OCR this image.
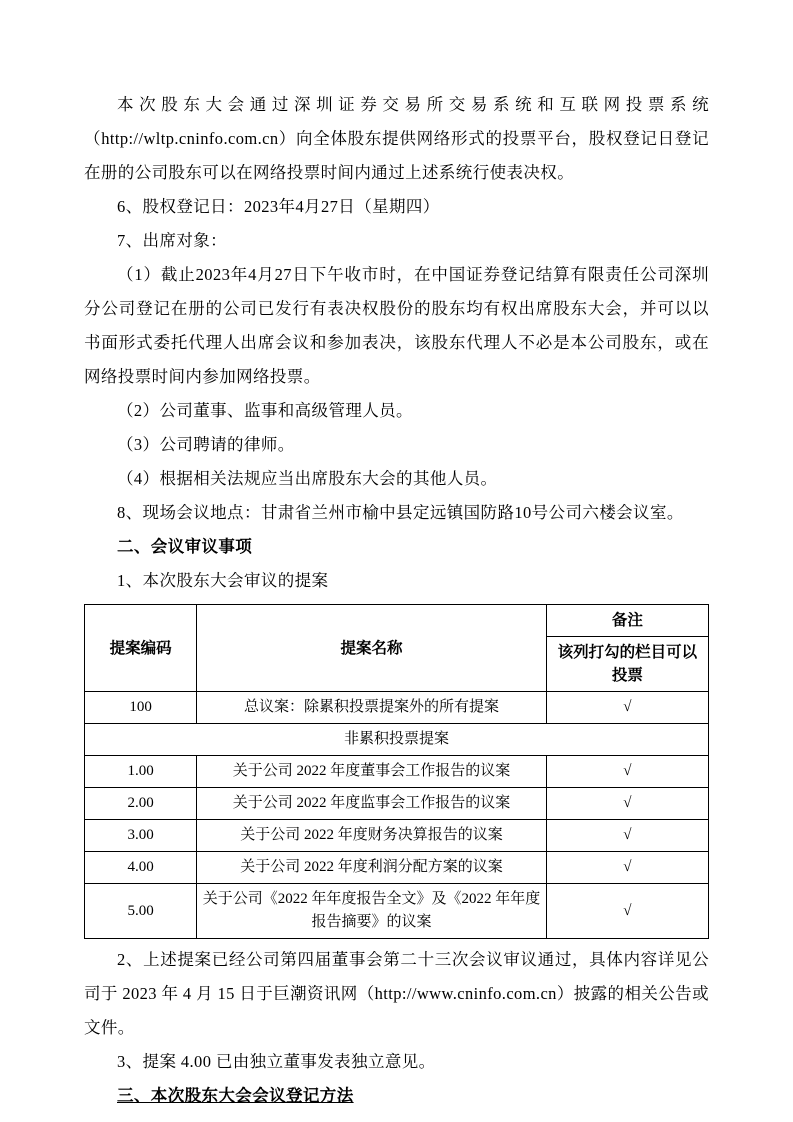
本次股东大会通过深圳证券交易所交易系统和互联网投票系统（http://wltp.cninfo.com.cn）向全体股东提供网络形式的投票平台，股权登记日登记在册的公司股东可以在网络投票时间内通过上述系统行使表决权。

6、股权登记日：2023年4月27日（星期四）

7、出席对象：

（1）截止2023年4月27日下午收市时，在中国证券登记结算有限责任公司深圳分公司登记在册的公司已发行有表决权股份的股东均有权出席股东大会，并可以以书面形式委托代理人出席会议和参加表决，该股东代理人不必是本公司股东，或在网络投票时间内参加网络投票。

（2）公司董事、监事和高级管理人员。

（3）公司聘请的律师。

（4）根据相关法规应当出席股东大会的其他人员。

8、现场会议地点：甘肃省兰州市榆中县定远镇国防路10号公司六楼会议室。

二、会议审议事项

1、本次股东大会审议的提案

提案编码	提案名称	备注
		该列打勾的栏目可以投票
100	总议案：除累积投票提案外的所有提案	√
非累积投票提案		
1.00	关于公司 2022 年度董事会工作报告的议案	√
2.00	关于公司 2022 年度监事会工作报告的议案	√
3.00	关于公司 2022 年度财务决算报告的议案	√
4.00	关于公司 2022 年度利润分配方案的议案	√
5.00	关于公司《2022 年年度报告全文》及《2022 年年度报告摘要》的议案	√

2、上述提案已经公司第四届董事会第二十三次会议审议通过，具体内容详见公司于 2023 年 4 月 15 日于巨潮资讯网（http://www.cninfo.com.cn）披露的相关公告或文件。

3、提案 4.00 已由独立董事发表独立意见。

三、本次股东大会会议登记方法
